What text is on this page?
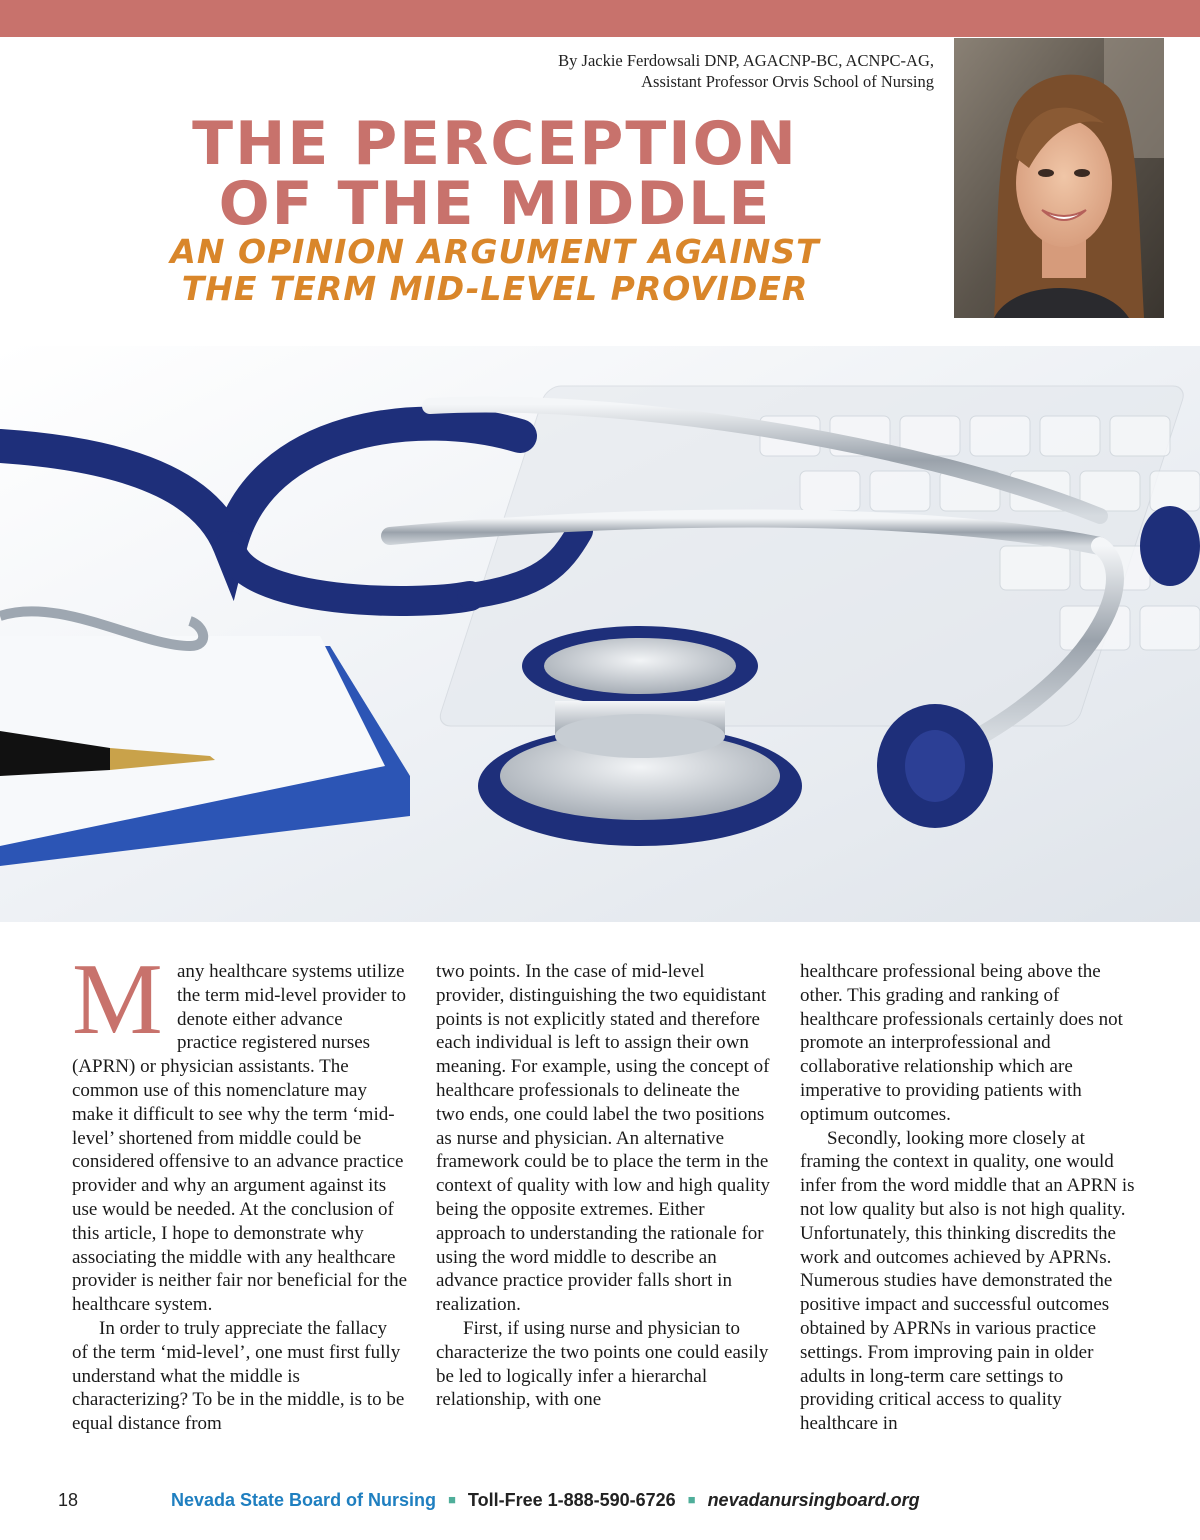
By Jackie Ferdowsali DNP, AGACNP-BC, ACNPC-AG,
Assistant Professor Orvis School of Nursing
THE PERCEPTION
OF THE MIDDLE
AN OPINION ARGUMENT AGAINST
THE TERM MID-LEVEL PROVIDER
M any healthcare systems utilize the term mid-level provider to denote either advance practice registered nurses (APRN) or physician assistants. The common use of this nomenclature may make it difficult to see why the term ‘mid-level’ shortened from middle could be considered offensive to an advance practice provider and why an argument against its use would be needed. At the conclusion of this article, I hope to demonstrate why associating the middle with any healthcare provider is neither fair nor beneficial for the healthcare system.

In order to truly appreciate the fallacy of the term ‘mid-level’, one must first fully understand what the middle is characterizing? To be in the middle, is to be equal distance from

two points. In the case of mid-level provider, distinguishing the two equidistant points is not explicitly stated and therefore each individual is left to assign their own meaning. For example, using the concept of healthcare professionals to delineate the two ends, one could label the two positions as nurse and physician. An alternative framework could be to place the term in the context of quality with low and high quality being the opposite extremes. Either approach to understanding the rationale for using the word middle to describe an advance practice provider falls short in realization.

First, if using nurse and physician to characterize the two points one could easily be led to logically infer a hierarchal relationship, with one

healthcare professional being above the other. This grading and ranking of healthcare professionals certainly does not promote an interprofessional and collaborative relationship which are imperative to providing patients with optimum outcomes.

Secondly, looking more closely at framing the context in quality, one would infer from the word middle that an APRN is not low quality but also is not high quality. Unfortunately, this thinking discredits the work and outcomes achieved by APRNs. Numerous studies have demonstrated the positive impact and successful outcomes obtained by APRNs in various practice settings. From improving pain in older adults in long-term care settings to providing critical access to quality healthcare in

18	Nevada State Board of Nursing ■ Toll-Free 1-888-590-6726 ■ nevadanursingboard.org
